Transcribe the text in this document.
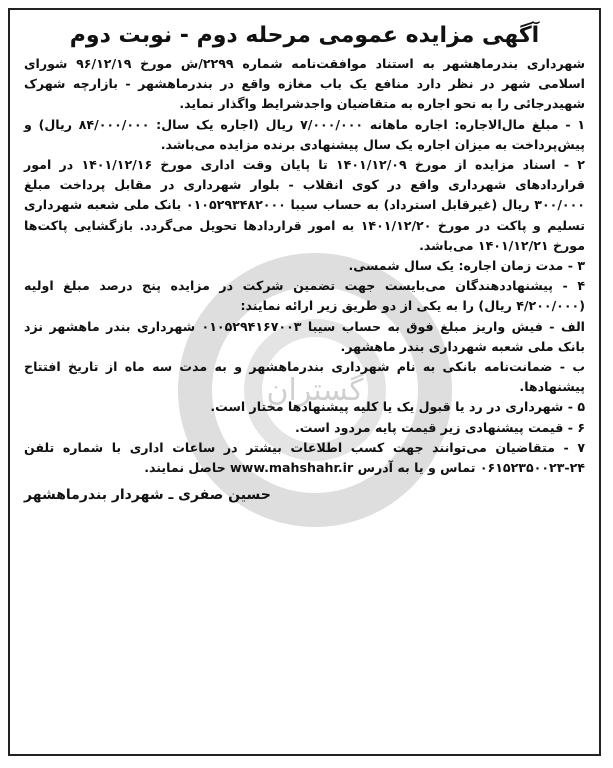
گستران
آگهی مزایده عمومی مرحله دوم - نوبت دوم

شهرداری بندرماهشهر به استناد موافقت‌نامه شماره ۲۲۹۹/ش مورخ ۹۶/۱۲/۱۹ شورای اسلامی شهر در نظر دارد منافع یک باب مغازه واقع در بندرماهشهر - بازارچه شهرک شهیدرجائی را به نحو اجاره به متقاضیان واجدشرایط واگذار نماید.

۱ - مبلغ مال‌الاجاره: اجاره ماهانه ۷/۰۰۰/۰۰۰ ریال (اجاره یک سال: ۸۴/۰۰۰/۰۰۰ ریال) و پیش‌پرداخت به میزان اجاره یک سال پیشنهادی برنده مزایده می‌باشد.

۲ - اسناد مزایده از مورخ ۱۴۰۱/۱۲/۰۹ تا پایان وقت اداری مورخ ۱۴۰۱/۱۲/۱۶ در امور قراردادهای شهرداری واقع در کوی انقلاب - بلوار شهرداری در مقابل پرداخت مبلغ ۳۰۰/۰۰۰ ریال (غیرقابل استرداد) به حساب سیبا ۰۱۰۵۲۹۳۴۸۲۰۰۰ بانک ملی شعبه شهرداری تسلیم و پاکت در مورخ ۱۴۰۱/۱۲/۲۰ به امور قراردادها تحویل می‌گردد. بازگشایی پاکت‌ها مورخ ۱۴۰۱/۱۲/۲۱ می‌باشد.

۳ - مدت زمان اجاره: یک سال شمسی.

۴ - پیشنهاددهندگان می‌بایست جهت تضمین شرکت در مزایده پنج درصد مبلغ اولیه (۴/۲۰۰/۰۰۰ ریال) را به یکی از دو طریق زیر ارائه نمایند:

الف - فیش واریز مبلغ فوق به حساب سیبا ۰۱۰۵۲۹۴۱۶۷۰۰۳ شهرداری بندر ماهشهر نزد بانک ملی شعبه شهرداری بندر ماهشهر.

ب - ضمانت‌نامه بانکی به نام شهرداری بندرماهشهر و به مدت سه ماه از تاریخ افتتاح پیشنهادها.

۵ - شهرداری در رد یا قبول یک یا کلیه پیشنهادها مختار است.

۶ - قیمت پیشنهادی زیر قیمت پایه مردود است.

۷ - متقاضیان می‌توانند جهت کسب اطلاعات بیشتر در ساعات اداری با شماره تلفن ۲۴-۰۶۱۵۲۳۵۰۰۲۳ تماس و یا به آدرس www.mahshahr.ir حاصل نمایند.

حسین صفری ـ شهردار بندرماهشهر
